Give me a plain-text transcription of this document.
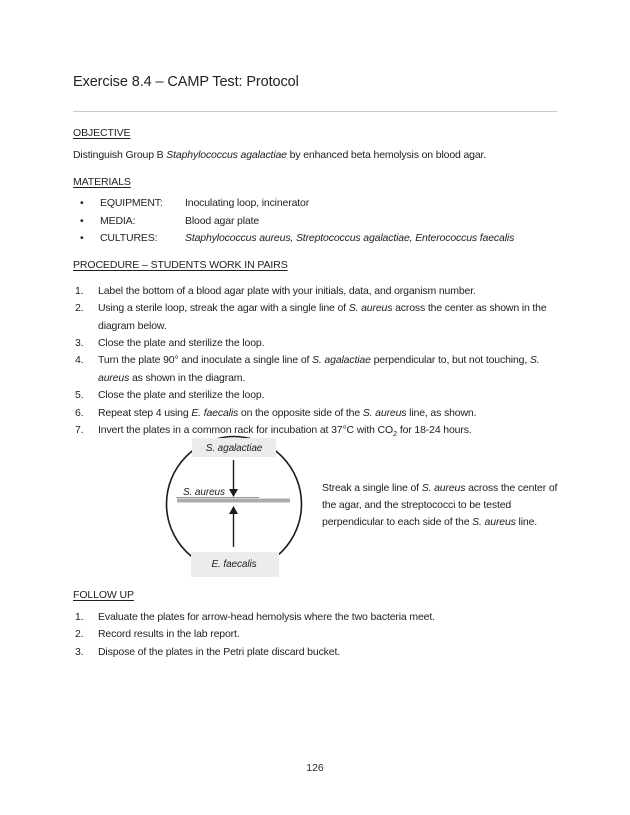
Exercise 8.4 – CAMP Test: Protocol
OBJECTIVE
Distinguish Group B Staphylococcus agalactiae by enhanced beta hemolysis on blood agar.
MATERIALS
•	EQUIPMENT:	Inoculating loop, incinerator
•	MEDIA:	Blood agar plate
•	CULTURES:	Staphylococcus aureus, Streptococcus agalactiae, Enterococcus faecalis
PROCEDURE – STUDENTS WORK IN PAIRS
1.	Label the bottom of a blood agar plate with your initials, data, and organism number.
2.	Using a sterile loop, streak the agar with a single line of S. aureus across the center as shown in the diagram below.
3.	Close the plate and sterilize the loop.
4.	Turn the plate 90° and inoculate a single line of S. agalactiae perpendicular to, but not touching, S. aureus as shown in the diagram.
5.	Close the plate and sterilize the loop.
6.	Repeat step 4 using E. faecalis on the opposite side of the S. aureus line, as shown.
7.	Invert the plates in a common rack for incubation at 37°C with $CO_2$ for 18-24 hours.
S. agalactiae
S. aureus
E. faecalis
Streak a single line of S. aureus across the center of the agar, and the streptococci to be tested perpendicular to each side of the S. aureus line.
FOLLOW UP
1.	Evaluate the plates for arrow-head hemolysis where the two bacteria meet.
2.	Record results in the lab report.
3.	Dispose of the plates in the Petri plate discard bucket.
126
